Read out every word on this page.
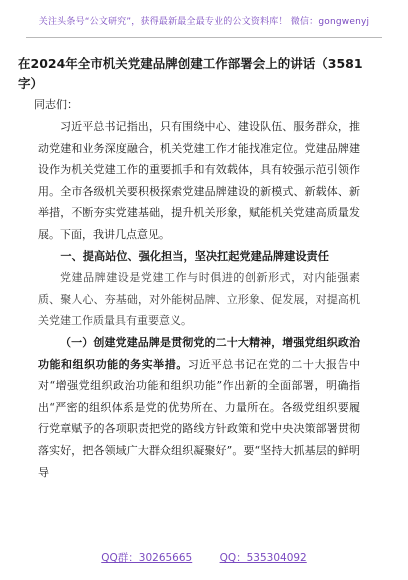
关注头条号“公文研究”，获得最新最全最专业的公文资料库！ 微信：gongwenyj
在2024年全市机关党建品牌创建工作部署会上的讲话（3581字）
同志们：

习近平总书记指出，只有围绕中心、建设队伍、服务群众，推动党建和业务深度融合，机关党建工作才能找准定位。党建品牌建设作为机关党建工作的重要抓手和有效载体，具有较强示范引领作用。全市各级机关要积极探索党建品牌建设的新模式、新载体、新举措，不断夯实党建基础，提升机关形象，赋能机关党建高质量发展。下面，我讲几点意见。

一、提高站位、强化担当，坚决扛起党建品牌建设责任

党建品牌建设是党建工作与时俱进的创新形式，对内能强素质、聚人心、夯基础，对外能树品牌、立形象、促发展，对提高机关党建工作质量具有重要意义。

（一）创建党建品牌是贯彻党的二十大精神，增强党组织政治功能和组织功能的务实举措。习近平总书记在党的二十大报告中对“增强党组织政治功能和组织功能”作出新的全面部署，明确指出“严密的组织体系是党的优势所在、力量所在。各级党组织要履行党章赋予的各项职责把党的路线方针政策和党中央决策部署贯彻落实好，把各领域广大群众组织凝聚好”。要“坚持大抓基层的鲜明导

QQ群：30265665	QQ：535304092
